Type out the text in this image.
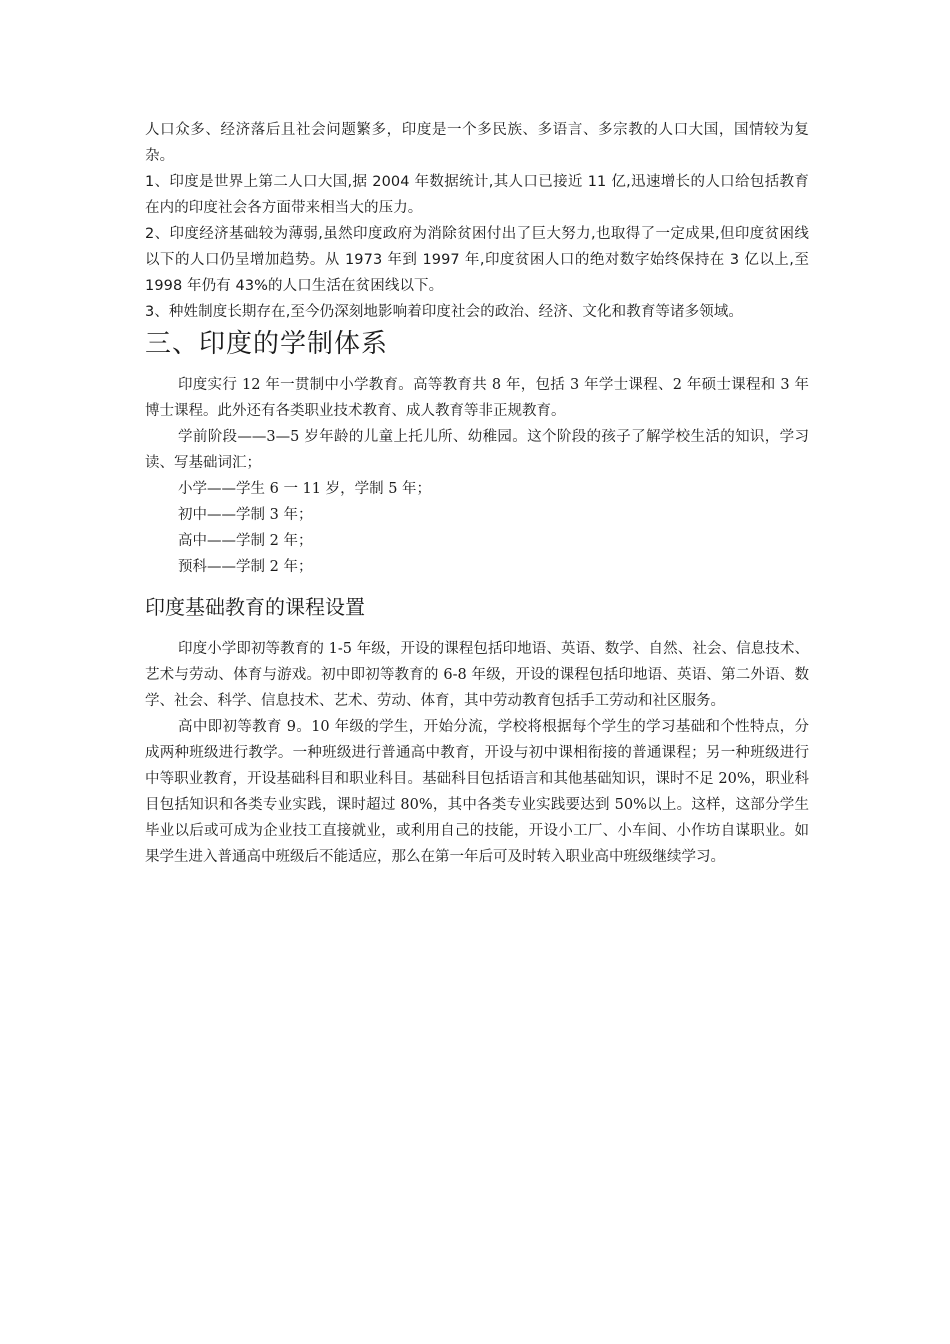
人口众多、经济落后且社会问题繁多，印度是一个多民族、多语言、多宗教的人口大国，国情较为复杂。

1、印度是世界上第二人口大国,据 2004 年数据统计,其人口已接近 11 亿,迅速增长的人口给包括教育在内的印度社会各方面带来相当大的压力。

2、印度经济基础较为薄弱,虽然印度政府为消除贫困付出了巨大努力,也取得了一定成果,但印度贫困线以下的人口仍呈增加趋势。从 1973 年到 1997 年,印度贫困人口的绝对数字始终保持在 3 亿以上,至 1998 年仍有 43%的人口生活在贫困线以下。

3、种姓制度长期存在,至今仍深刻地影响着印度社会的政治、经济、文化和教育等诸多领域。

三、印度的学制体系

印度实行 12 年一贯制中小学教育。高等教育共 8 年，包括 3 年学士课程、2 年硕士课程和 3 年博士课程。此外还有各类职业技术教育、成人教育等非正规教育。

学前阶段——3—5 岁年龄的儿童上托儿所、幼稚园。这个阶段的孩子了解学校生活的知识，学习读、写基础词汇；

小学——学生 6 一 11 岁，学制 5 年；

初中——学制 3 年；

高中——学制 2 年；

预科——学制 2 年；

印度基础教育的课程设置

印度小学即初等教育的 1-5 年级，开设的课程包括印地语、英语、数学、自然、社会、信息技术、艺术与劳动、体育与游戏。初中即初等教育的 6-8 年级，开设的课程包括印地语、英语、第二外语、数学、社会、科学、信息技术、艺术、劳动、体育，其中劳动教育包括手工劳动和社区服务。

高中即初等教育 9。10 年级的学生，开始分流，学校将根据每个学生的学习基础和个性特点，分成两种班级进行教学。一种班级进行普通高中教育，开设与初中课相衔接的普通课程；另一种班级进行中等职业教育，开设基础科目和职业科目。基础科目包括语言和其他基础知识，课时不足 20%，职业科目包括知识和各类专业实践，课时超过 80%，其中各类专业实践要达到 50%以上。这样，这部分学生毕业以后或可成为企业技工直接就业，或利用自己的技能，开设小工厂、小车间、小作坊自谋职业。如果学生进入普通高中班级后不能适应，那么在第一年后可及时转入职业高中班级继续学习。
